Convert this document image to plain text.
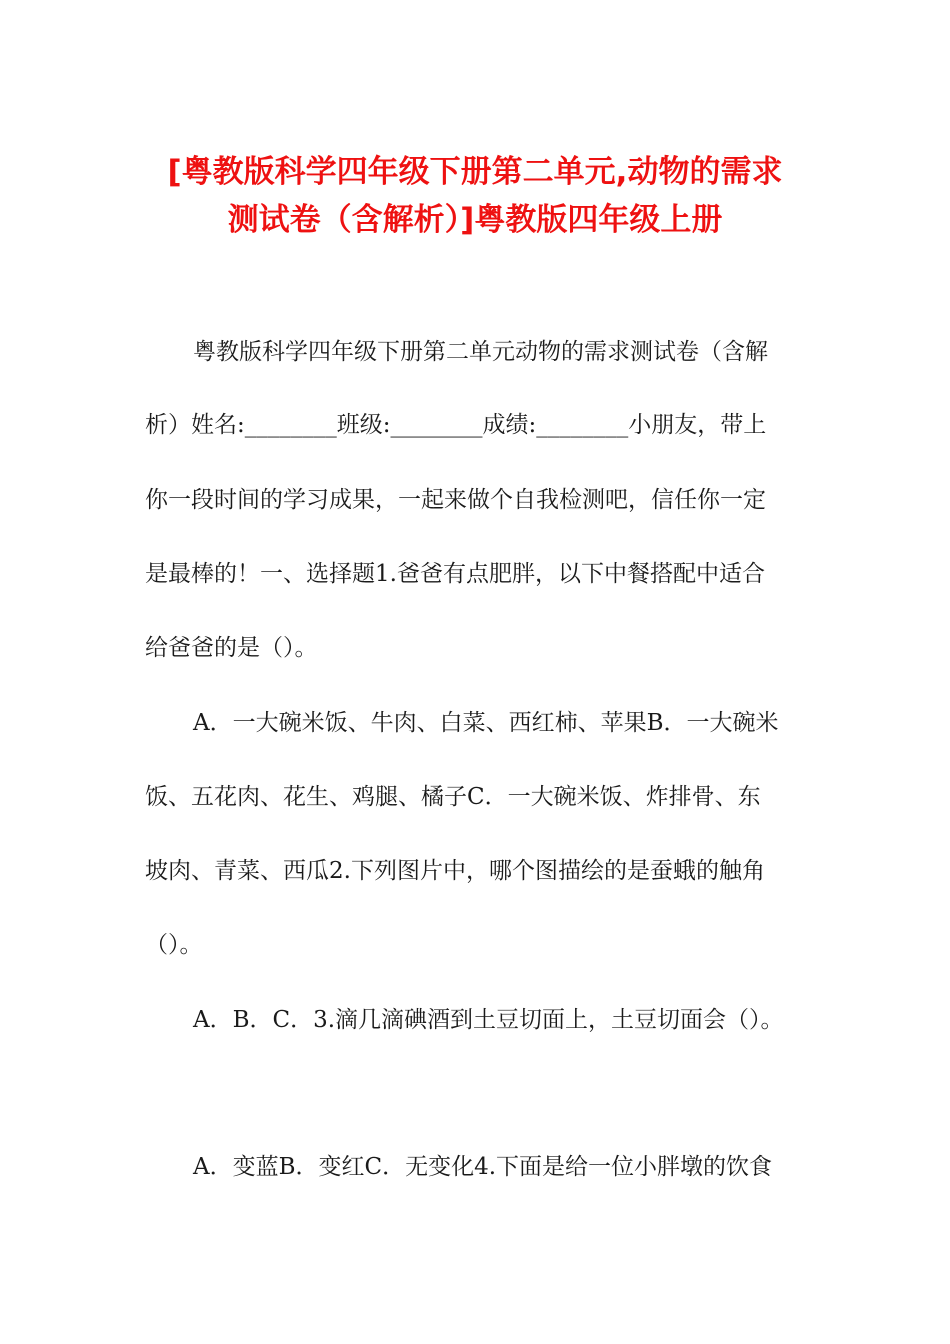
[粤教版科学四年级下册第二单元,动物的需求
测试卷（含解析）]粤教版四年级上册
粤教版科学四年级下册第二单元动物的需求测试卷（含解
析）姓名:________班级:________成绩:________小朋友，带上
你一段时间的学习成果，一起来做个自我检测吧，信任你一定
是最棒的！一、选择题1.爸爸有点肥胖，以下中餐搭配中适合
给爸爸的是（）。
A．一大碗米饭、牛肉、白菜、西红柿、苹果B．一大碗米
饭、五花肉、花生、鸡腿、橘子C．一大碗米饭、炸排骨、东
坡肉、青菜、西瓜2.下列图片中，哪个图描绘的是蚕蛾的触角
（）。
A．B．C．3.滴几滴碘酒到土豆切面上，土豆切面会（）。
A．变蓝B．变红C．无变化4.下面是给一位小胖墩的饮食
